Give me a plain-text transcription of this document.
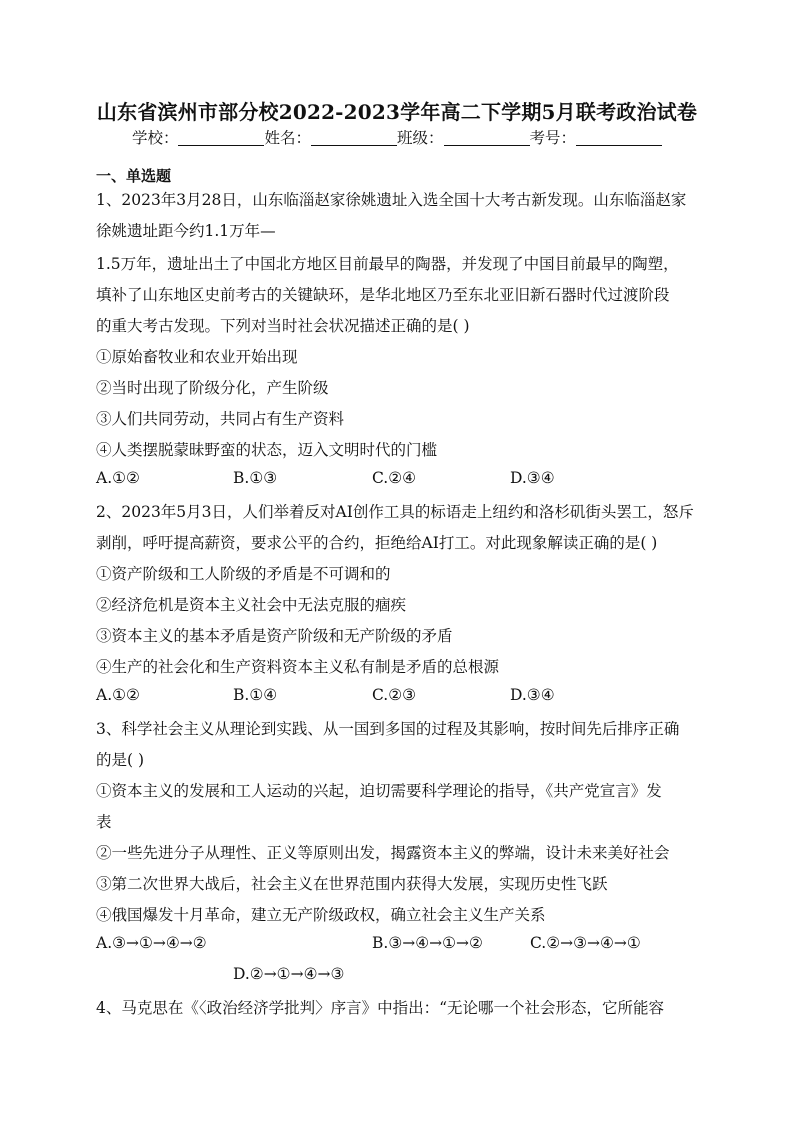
山东省滨州市部分校2022-2023学年高二下学期5月联考政治试卷
学校：	姓名：	班级：	考号：
一、单选题
1、2023年3月28日，山东临淄赵家徐姚遗址入选全国十大考古新发现。山东临淄赵家
徐姚遗址距今约1.1万年—
1.5万年，遗址出土了中国北方地区目前最早的陶器，并发现了中国目前最早的陶塑，
填补了山东地区史前考古的关键缺环，是华北地区乃至东北亚旧新石器时代过渡阶段
的重大考古发现。下列对当时社会状况描述正确的是( )
①原始畜牧业和农业开始出现
②当时出现了阶级分化，产生阶级
③人们共同劳动，共同占有生产资料
④人类摆脱蒙昧野蛮的状态，迈入文明时代的门槛
A.①②	B.①③	C.②④	D.③④
2、2023年5月3日，人们举着反对AI创作工具的标语走上纽约和洛杉矶街头罢工，怒斥
剥削，呼吁提高薪资，要求公平的合约，拒绝给AI打工。对此现象解读正确的是( )
①资产阶级和工人阶级的矛盾是不可调和的
②经济危机是资本主义社会中无法克服的痼疾
③资本主义的基本矛盾是资产阶级和无产阶级的矛盾
④生产的社会化和生产资料资本主义私有制是矛盾的总根源
A.①②	B.①④	C.②③	D.③④
3、科学社会主义从理论到实践、从一国到多国的过程及其影响，按时间先后排序正确
的是( )
①资本主义的发展和工人运动的兴起，迫切需要科学理论的指导，《共产党宣言》发
表
②一些先进分子从理性、正义等原则出发，揭露资本主义的弊端，设计未来美好社会
③第二次世界大战后，社会主义在世界范围内获得大发展，实现历史性飞跃
④俄国爆发十月革命，建立无产阶级政权，确立社会主义生产关系
A.③→①→④→②	B.③→④→①→②	C.②→③→④→①
D.②→①→④→③
4、马克思在《〈政治经济学批判〉序言》中指出：“无论哪一个社会形态，它所能容
